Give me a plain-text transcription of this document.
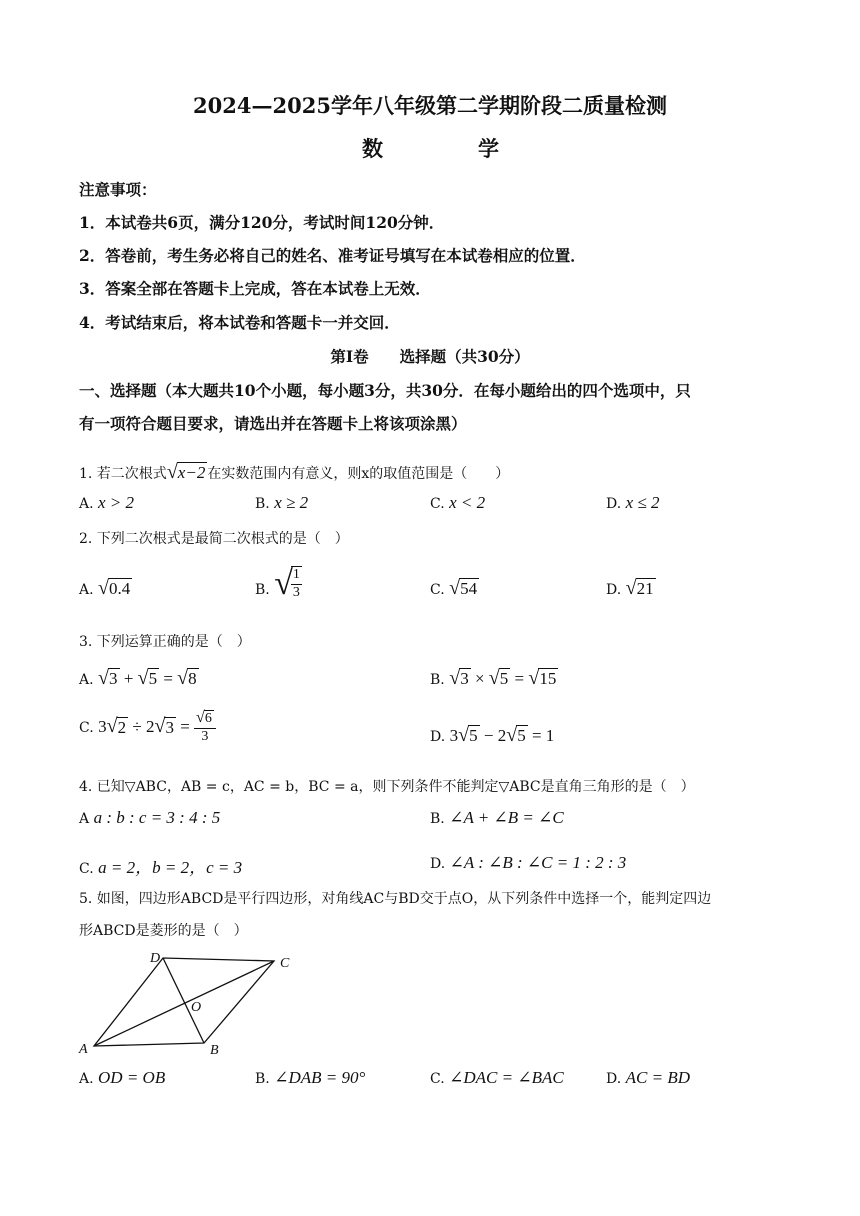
2024—2025学年八年级第二学期阶段二质量检测
数	学
注意事项：
1．本试卷共6页，满分120分，考试时间120分钟．
2．答卷前，考生务必将自己的姓名、准考证号填写在本试卷相应的位置．
3．答案全部在答题卡上完成，答在本试卷上无效．
4．考试结束后，将本试卷和答题卡一并交回．
第Ⅰ卷　　选择题（共30分）
一、选择题（本大题共10个小题，每小题3分，共30分．在每小题给出的四个选项中，只
有一项符合题目要求，请选出并在答题卡上将该项涂黑）
1. 若二次根式√x−2 在实数范围内有意义，则x的取值范围是（　　）
A. x > 2	B. x ≥ 2	C. x < 2	D. x ≤ 2
2. 下列二次根式是最简二次根式的是（　）
A. √0.4	B. √
$\frac{1}{3}$	C. √54	D. √21
3. 下列运算正确的是（　）
A. √3 + √5 = √8	B. √3 × √5 = √15
C. 3 √ 2 ÷ 2 √ $3 = \frac{√6}{3}$	D. 3√5 − 2√5 = 1
4. 已知▽ABC，AB = c，AC = b，BC = a，则下列条件不能判定▽ABC是直角三角形的是（　）
A a : b : c = 3 : 4 : 5	B. ∠A + ∠B = ∠C
C. a = 2，b = 2，c = 3	D. ∠A : ∠B : ∠C = 1 : 2 : 3
5. 如图，四边形ABCD是平行四边形，对角线AC与BD交于点O，从下列条件中选择一个，能判定四边
形ABCD是菱形的是（　）
A	B
C
D
O
A. OD = OB	B. ∠DAB = 90°	C. ∠DAC = ∠BAC	D. AC = BD
